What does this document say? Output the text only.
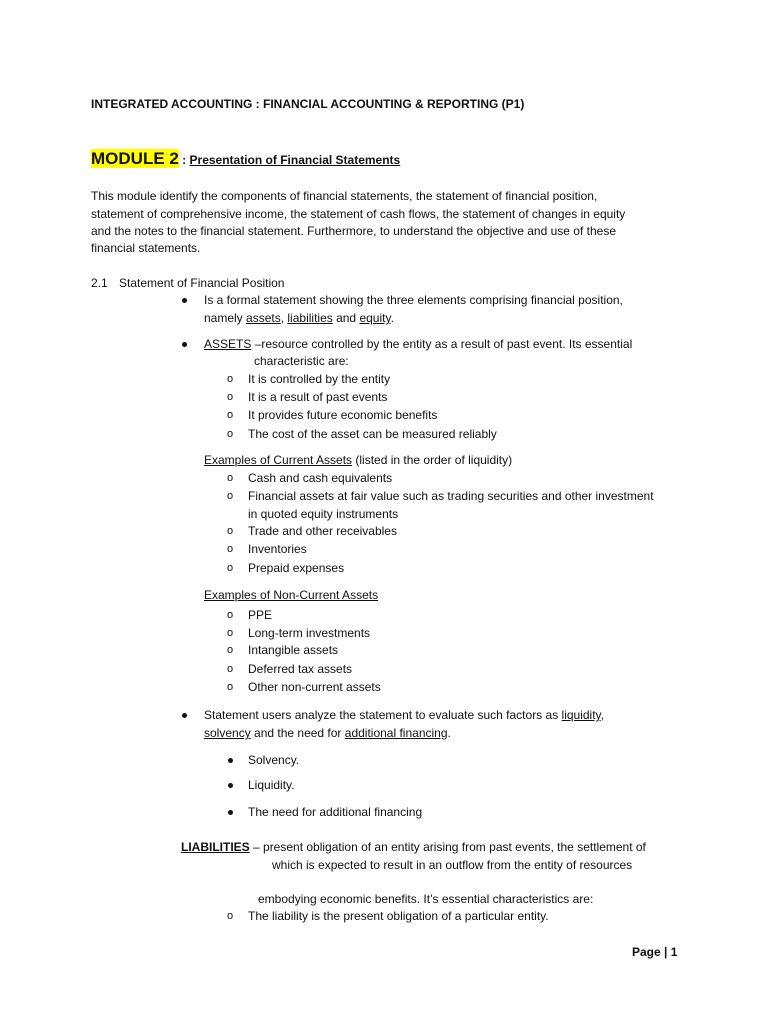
INTEGRATED ACCOUNTING : FINANCIAL ACCOUNTING & REPORTING (P1)
MODULE 2 : Presentation of Financial Statements
This module identify the components of financial statements, the statement of financial position,
statement of comprehensive income, the statement of cash flows, the statement of changes in equity
and the notes to the financial statement. Furthermore, to understand the objective and use of these
financial statements.
2.1 Statement of Financial Position
Is a formal statement showing the three elements comprising financial position,
namely assets, liabilities and equity.
ASSETS –resource controlled by the entity as a result of past event. Its essential
characteristic are:
o It is controlled by the entity
o It is a result of past events
o It provides future economic benefits
o The cost of the asset can be measured reliably
Examples of Current Assets (listed in the order of liquidity)
o Cash and cash equivalents
o Financial assets at fair value such as trading securities and other investment
in quoted equity instruments
o Trade and other receivables
o Inventories
o Prepaid expenses
Examples of Non-Current Assets
o PPE
o Long-term investments
o Intangible assets
o Deferred tax assets
o Other non-current assets
Statement users analyze the statement to evaluate such factors as liquidity,
solvency and the need for additional financing.
Solvency.
Liquidity.
The need for additional financing
LIABILITIES – present obligation of an entity arising from past events, the settlement of
which is expected to result in an outflow from the entity of resources
embodying economic benefits. It’s essential characteristics are:
o The liability is the present obligation of a particular entity.
Page | 1
